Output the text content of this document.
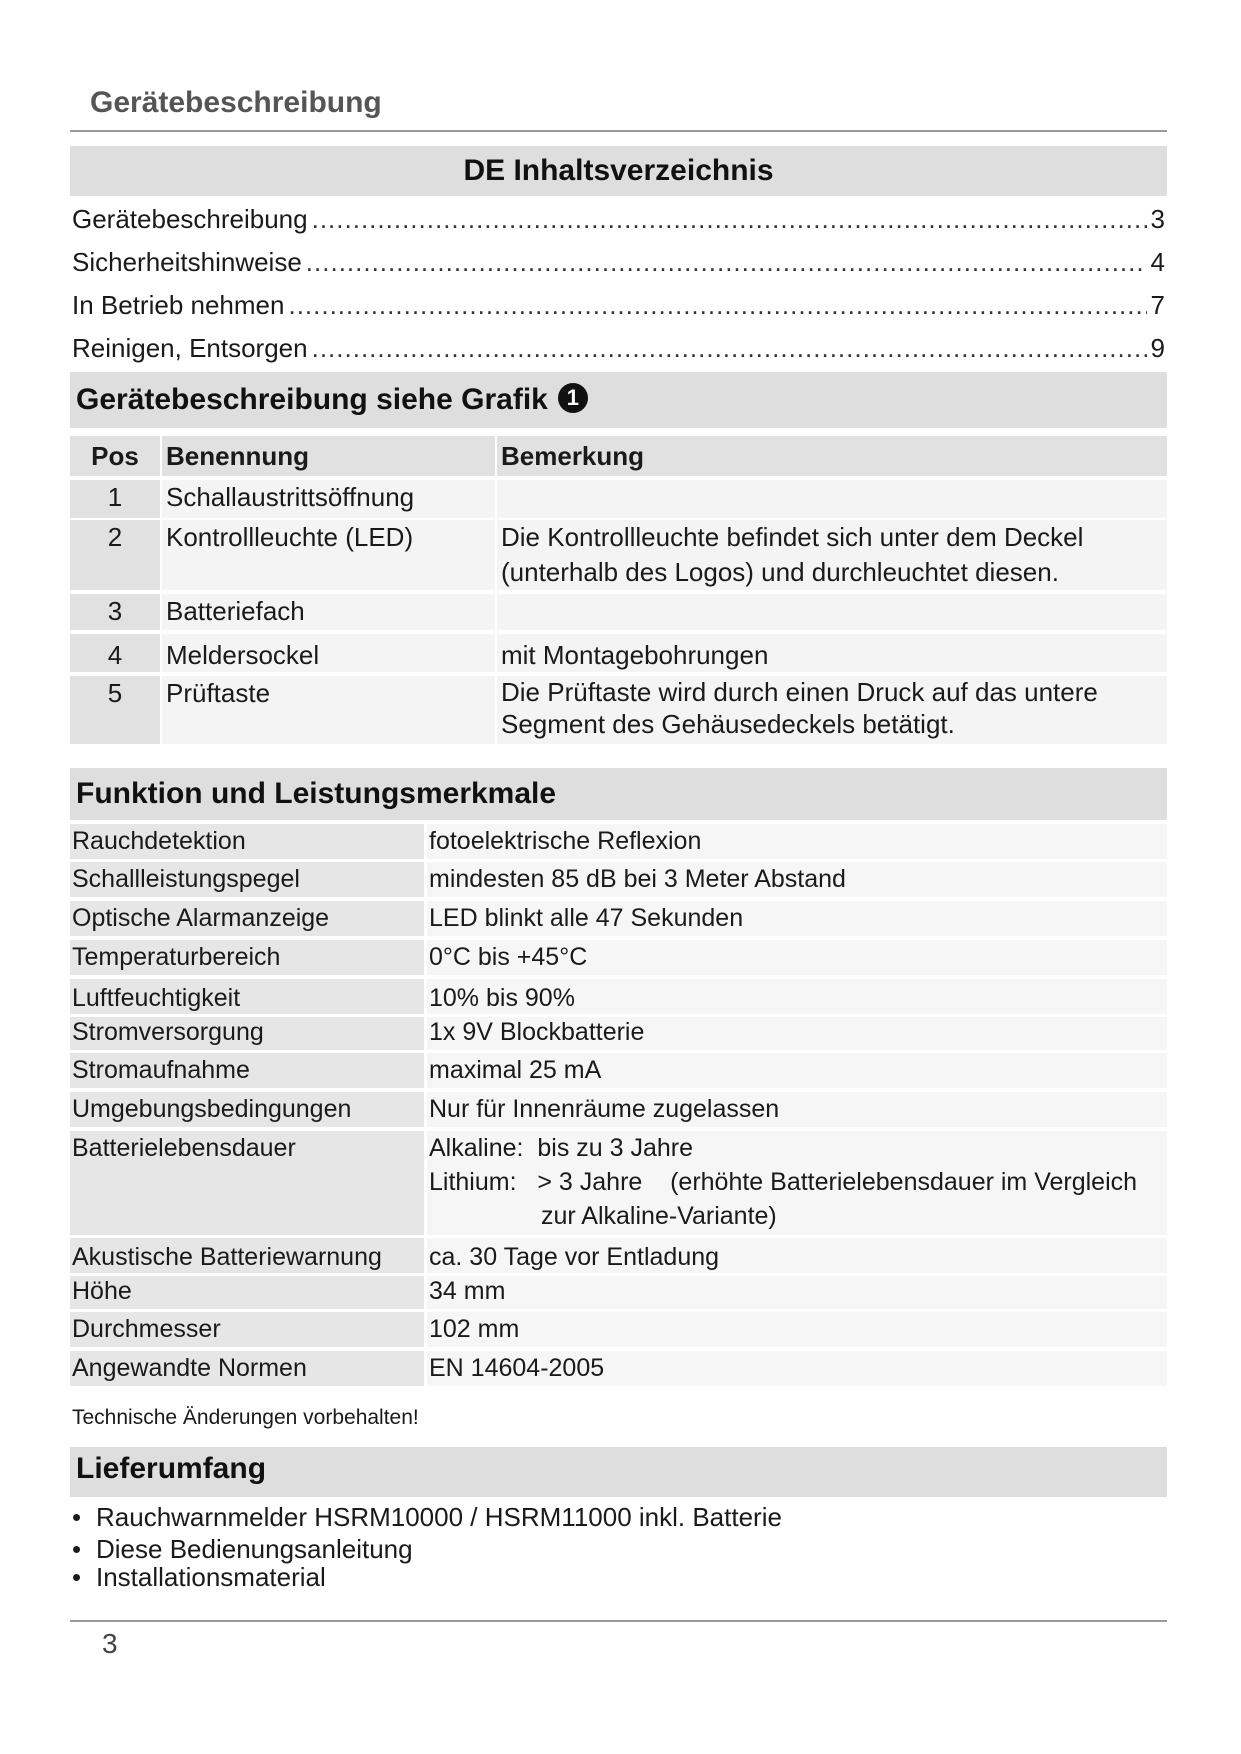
Gerätebeschreibung
DE Inhaltsverzeichnis
Gerätebeschreibung .....	3
Sicherheitshinweise .....	4
In Betrieb nehmen .....	7
Reinigen, Entsorgen .....	9
Gerätebeschreibung siehe Grafik 1
Pos	Benennung	Bemerkung
1	Schallaustrittsöffnung
2	Kontrollleuchte (LED)	Die Kontrollleuchte befindet sich unter dem Deckel
(unterhalb des Logos) und durchleuchtet diesen.
3	Batteriefach
4	Meldersockel	mit Montagebohrungen
5	Prüftaste	Die Prüftaste wird durch einen Druck auf das untere
Segment des Gehäusedeckels betätigt.
Funktion und Leistungsmerkmale
Rauchdetektion	fotoelektrische Reflexion
Schallleistungspegel	mindesten 85 dB bei 3 Meter Abstand
Optische Alarmanzeige	LED blinkt alle 47 Sekunden
Temperaturbereich	0°C bis +45°C
Luftfeuchtigkeit	10% bis 90%
Stromversorgung	1x 9V Blockbatterie
Stromaufnahme	maximal 25 mA
Umgebungsbedingungen	Nur für Innenräume zugelassen
Batterielebensdauer	Alkaline:  bis zu 3 Jahre
Lithium:   > 3 Jahre    (erhöhte Batterielebensdauer im Vergleich
zur Alkaline-Variante)
Akustische Batteriewarnung	ca. 30 Tage vor Entladung
Höhe	34 mm
Durchmesser	102 mm
Angewandte Normen	EN 14604-2005
Technische Änderungen vorbehalten!
Lieferumfang
• Rauchwarnmelder HSRM10000 / HSRM11000 inkl. Batterie
• Diese Bedienungsanleitung
• Installationsmaterial
3
